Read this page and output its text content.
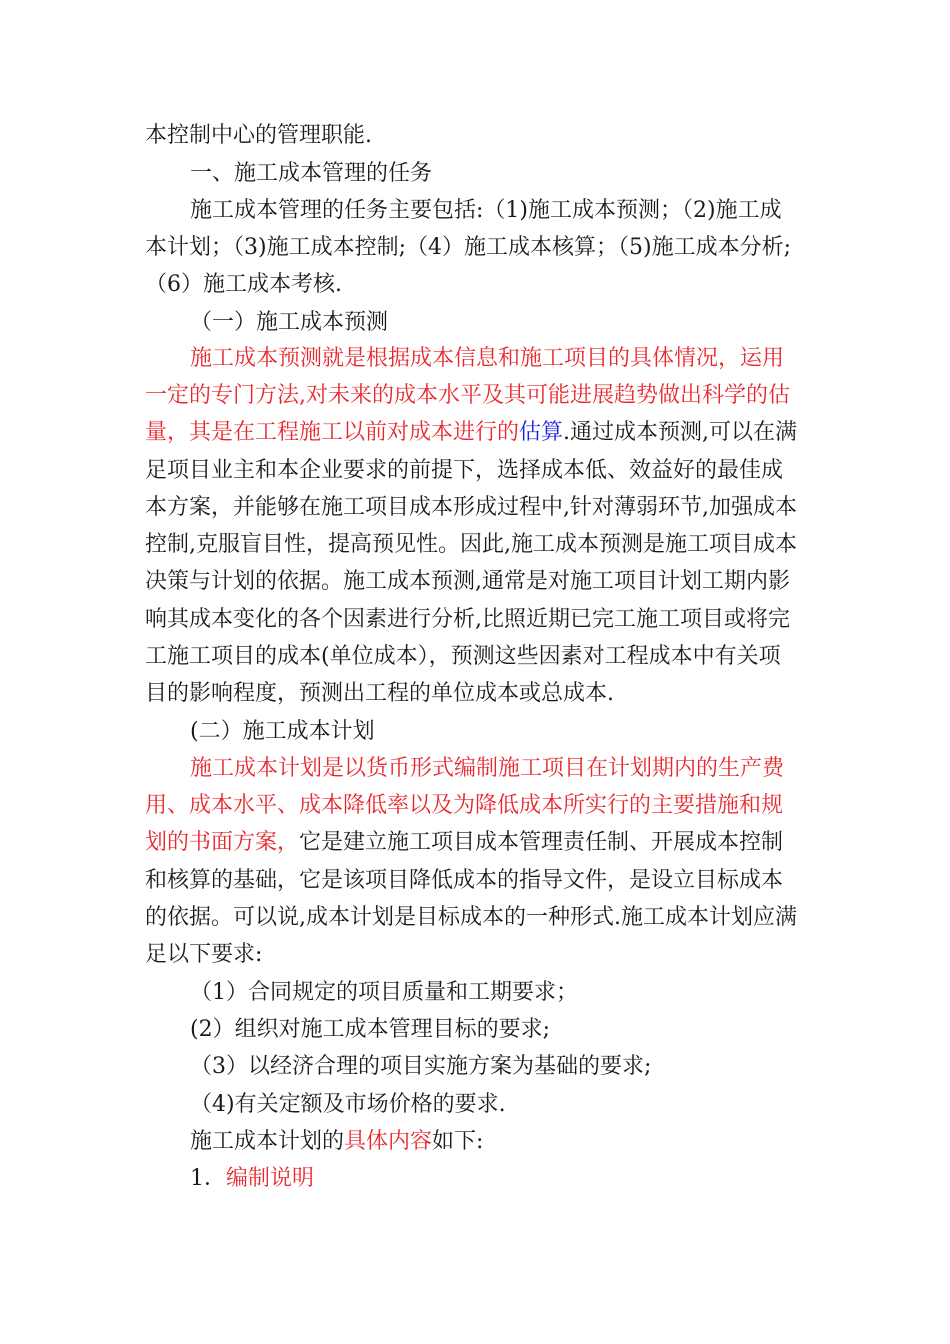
本控制中心的管理职能.
一、施工成本管理的任务
施工成本管理的任务主要包括:（1)施工成本预测；（2)施工成
本计划；（3)施工成本控制;（4）施工成本核算；（5)施工成本分析;
（6）施工成本考核.
（一）施工成本预测
施工成本预测就是根据成本信息和施工项目的具体情况，运用
一定的专门方法,对未来的成本水平及其可能进展趋势做出科学的估
量，其是在工程施工以前对成本进行的估算.通过成本预测,可以在满
足项目业主和本企业要求的前提下，选择成本低、效益好的最佳成
本方案，并能够在施工项目成本形成过程中,针对薄弱环节,加强成本
控制,克服盲目性，提高预见性。因此,施工成本预测是施工项目成本
决策与计划的依据。施工成本预测,通常是对施工项目计划工期内影
响其成本变化的各个因素进行分析,比照近期已完工施工项目或将完
工施工项目的成本(单位成本），预测这些因素对工程成本中有关项
目的影响程度，预测出工程的单位成本或总成本.
(二）施工成本计划
施工成本计划是以货币形式编制施工项目在计划期内的生产费
用、成本水平、成本降低率以及为降低成本所实行的主要措施和规
划的书面方案，它是建立施工项目成本管理责任制、开展成本控制
和核算的基础，它是该项目降低成本的指导文件，是设立目标成本
的依据。可以说,成本计划是目标成本的一种形式.施工成本计划应满
足以下要求:
（1）合同规定的项目质量和工期要求；
(2）组织对施工成本管理目标的要求;
（3）以经济合理的项目实施方案为基础的要求;
（4)有关定额及市场价格的要求.
施工成本计划的具体内容如下:
1．编制说明
